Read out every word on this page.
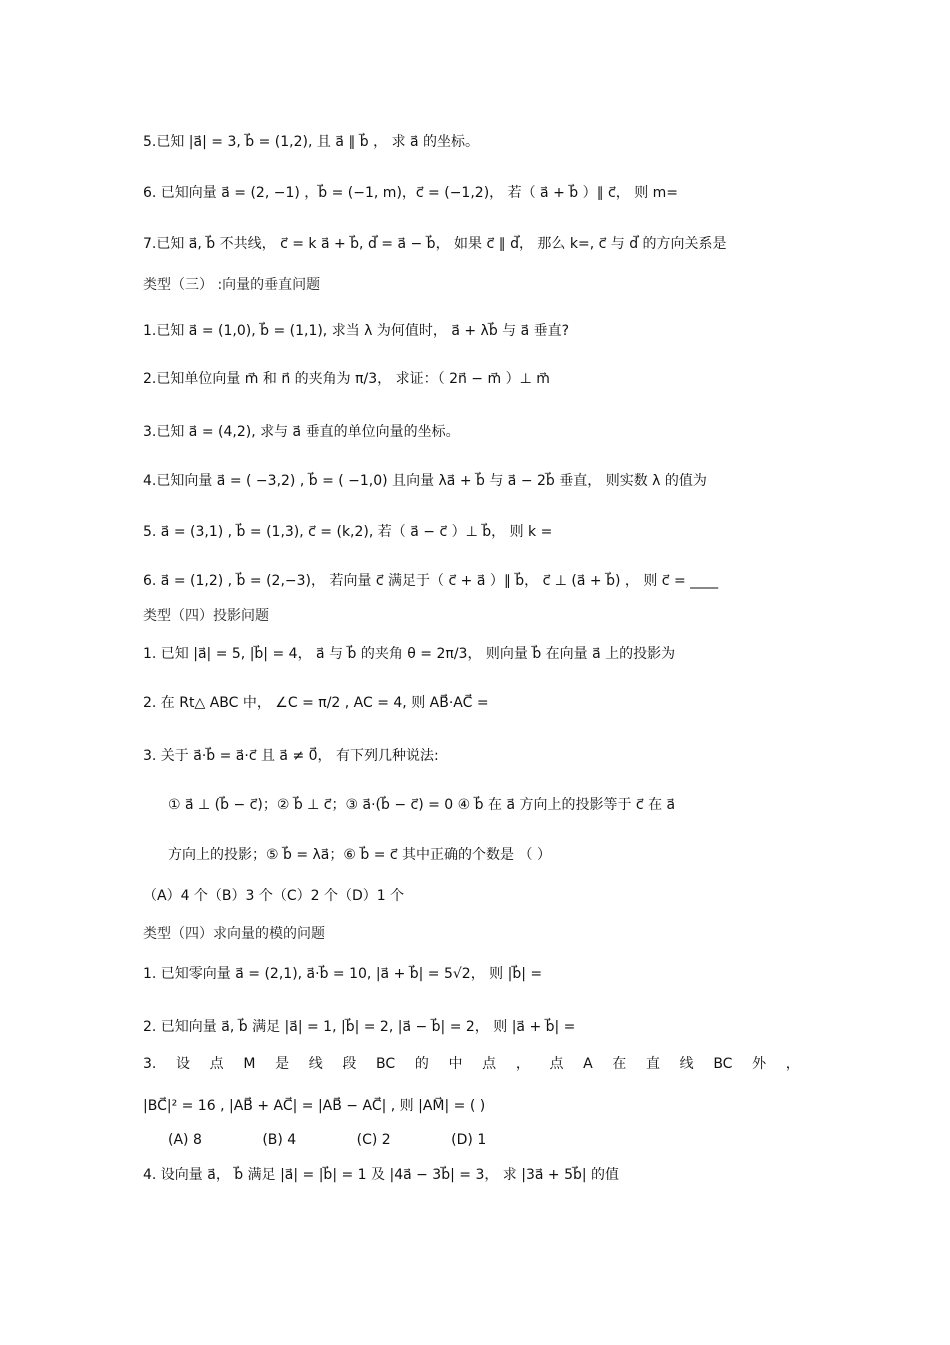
5.已知 |a⃗| = 3, b⃗ = (1,2), 且 a⃗ ∥ b⃗ ， 求 a⃗ 的坐标。
6. 已知向量 a⃗ = (2, −1) ，b⃗ = (−1, m)，c⃗ = (−1,2)， 若（ a⃗ + b⃗ ）∥ c⃗， 则 m=
7.已知 a⃗, b⃗ 不共线， c⃗ = k a⃗ + b⃗, d⃗ = a⃗ − b⃗， 如果 c⃗ ∥ d⃗， 那么 k=, c⃗ 与 d⃗ 的方向关系是
类型（三） :向量的垂直问题
1.已知 a⃗ = (1,0), b⃗ = (1,1), 求当 λ 为何值时， a⃗ + λb⃗ 与 a⃗ 垂直?
2.已知单位向量 m⃗ 和 n⃗ 的夹角为 π/3， 求证：（ 2n⃗ − m⃗ ）⊥ m⃗
3.已知 a⃗ = (4,2), 求与 a⃗ 垂直的单位向量的坐标。
4.已知向量 a⃗ = ( −3,2) , b⃗ = ( −1,0) 且向量 λa⃗ + b⃗ 与 a⃗ − 2b⃗ 垂直， 则实数 λ 的值为
5. a⃗ = (3,1) , b⃗ = (1,3), c⃗ = (k,2), 若（ a⃗ − c⃗ ）⊥ b⃗， 则 k =
6. a⃗ = (1,2) , b⃗ = (2,−3)， 若向量 c⃗ 满足于（ c⃗ + a⃗ ）∥ b⃗， c⃗ ⊥ (a⃗ + b⃗) ， 则 c⃗ = ____
类型（四）投影问题
1. 已知 |a⃗| = 5, |b⃗| = 4， a⃗ 与 b⃗ 的夹角 θ = 2π/3， 则向量 b⃗ 在向量 a⃗ 上的投影为
2. 在 Rt△ ABC 中， ∠C = π/2 , AC = 4, 则 AB⃗·AC⃗ =
3. 关于 a⃗·b⃗ = a⃗·c⃗ 且 a⃗ ≠ 0⃗， 有下列几种说法:
① a⃗ ⊥ (b⃗ − c⃗)；② b⃗ ⊥ c⃗；③ a⃗·(b⃗ − c⃗) = 0 ④ b⃗ 在 a⃗ 方向上的投影等于 c⃗ 在 a⃗
方向上的投影；⑤ b⃗ = λa⃗；⑥ b⃗ = c⃗ 其中正确的个数是 （ ）
（A）4 个（B）3 个（C）2 个（D）1 个
类型（四）求向量的模的问题
1. 已知零向量 a⃗ = (2,1), a⃗·b⃗ = 10, |a⃗ + b⃗| = 5√2， 则 |b⃗| =
2. 已知向量 a⃗, b⃗ 满足 |a⃗| = 1, |b⃗| = 2, |a⃗ − b⃗| = 2， 则 |a⃗ + b⃗| =
3. 设 点 M 是 线 段 BC 的 中 点 ， 点 A 在 直 线 BC 外 ，
|BC⃗|² = 16 , |AB⃗ + AC⃗| = |AB⃗ − AC⃗| , 则 |AM⃗| = ( )
(A) 8	(B) 4	(C) 2	(D) 1
4. 设向量 a⃗， b⃗ 满足 |a⃗| = |b⃗| = 1 及 |4a⃗ − 3b⃗| = 3， 求 |3a⃗ + 5b⃗| 的值
